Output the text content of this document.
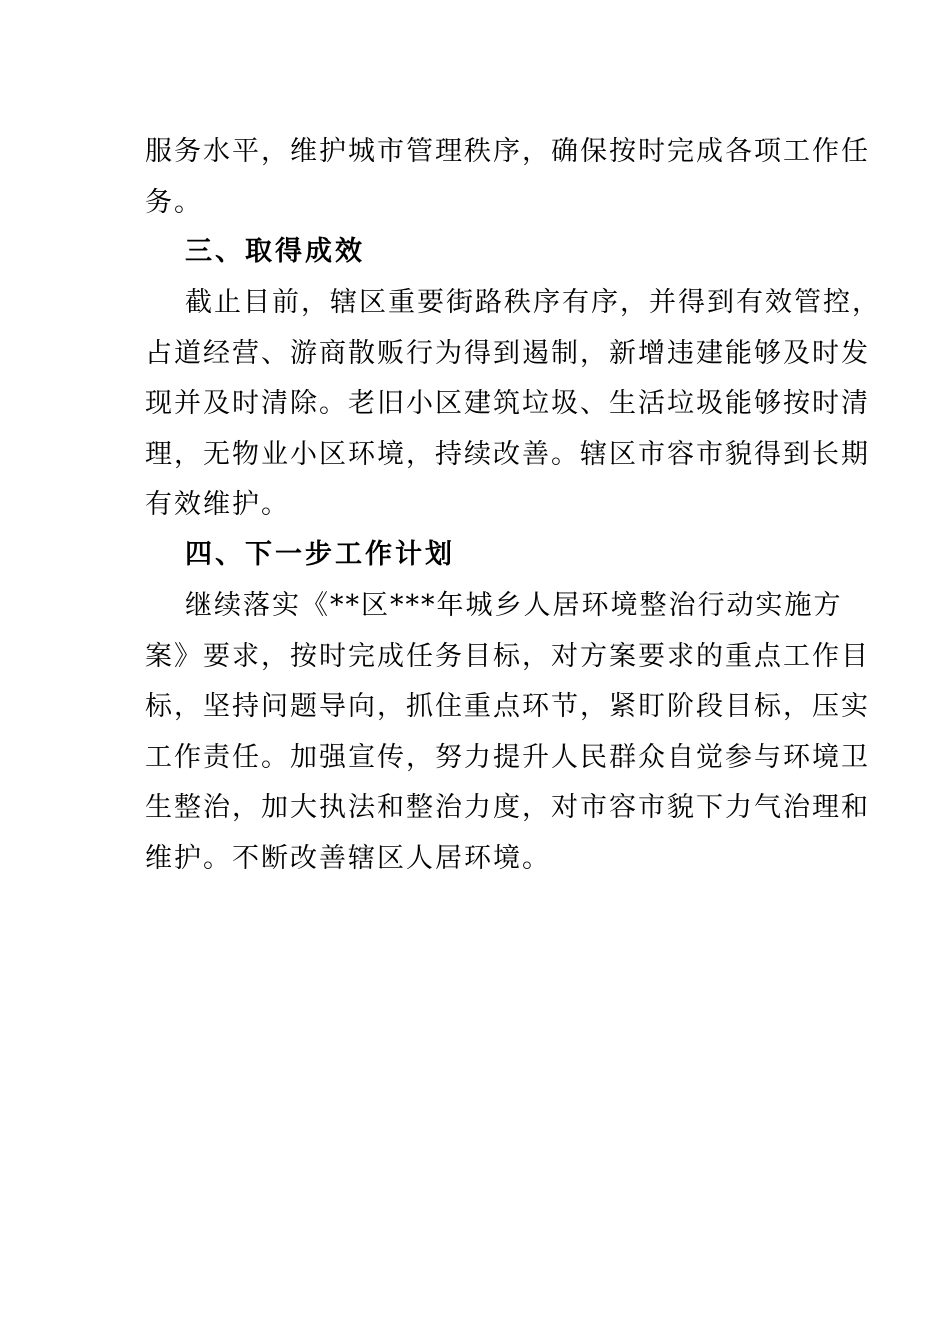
服务水平，维护城市管理秩序，确保按时完成各项工作任
务。
三、取得成效
截止目前，辖区重要街路秩序有序，并得到有效管控，
占道经营、游商散贩行为得到遏制，新增违建能够及时发
现并及时清除。老旧小区建筑垃圾、生活垃圾能够按时清
理，无物业小区环境，持续改善。辖区市容市貌得到长期
有效维护。
四、下一步工作计划
继续落实《**区***年城乡人居环境整治行动实施方
案》要求，按时完成任务目标，对方案要求的重点工作目
标，坚持问题导向，抓住重点环节，紧盯阶段目标，压实
工作责任。加强宣传，努力提升人民群众自觉参与环境卫
生整治，加大执法和整治力度，对市容市貌下力气治理和
维护。不断改善辖区人居环境。
